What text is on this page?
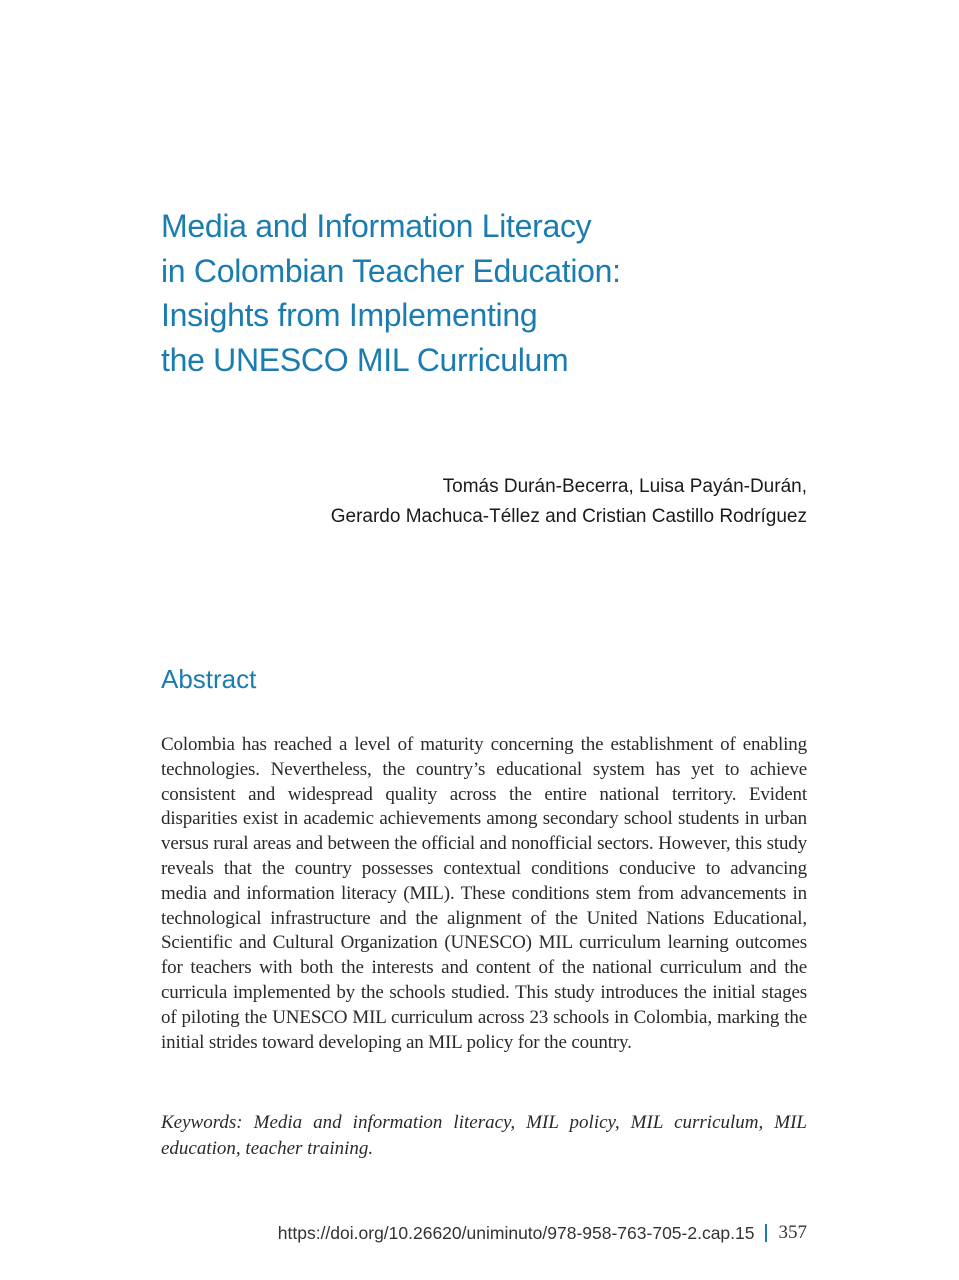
Media and Information Literacy
in Colombian Teacher Education:
Insights from Implementing
the UNESCO MIL Curriculum
Tomás Durán-Becerra, Luisa Payán-Durán,
Gerardo Machuca-Téllez and Cristian Castillo Rodríguez
Abstract

Colombia has reached a level of maturity concerning the establishment of enabling technologies. Nevertheless, the country’s educational system has yet to achieve consistent and widespread quality across the entire national territory. Evident disparities exist in academic achievements among secondary school students in urban versus rural areas and between the official and nonofficial sectors. However, this study reveals that the country possesses contextual conditions conducive to advancing media and information literacy (MIL). These conditions stem from advancements in technological infrastructure and the alignment of the United Nations Educational, Scientific and Cultural Organization (UNESCO) MIL curriculum learning outcomes for teachers with both the interests and content of the national curriculum and the curricula implemented by the schools studied. This study introduces the initial stages of piloting the UNESCO MIL curriculum across 23 schools in Colombia, marking the initial strides toward developing an MIL policy for the country.

Keywords: Media and information literacy, MIL policy, MIL curriculum, MIL education, teacher training.

https://doi.org/10.26620/uniminuto/978-958-763-705-2.cap.15 357
